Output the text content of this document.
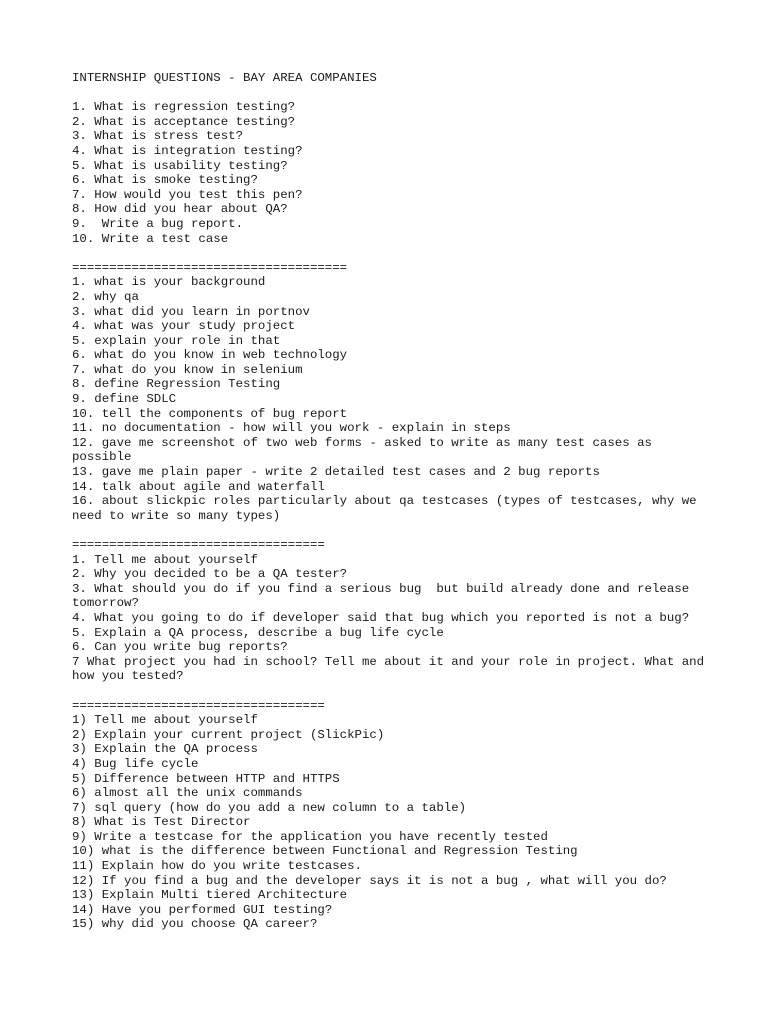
INTERNSHIP QUESTIONS - BAY AREA COMPANIES
1. What is regression testing?
2. What is acceptance testing?
3. What is stress test?
4. What is integration testing?
5. What is usability testing?
6. What is smoke testing?
7. How would you test this pen?
8. How did you hear about QA?
9.  Write a bug report.
10. Write a test case
=====================================
1. what is your background
2. why qa
3. what did you learn in portnov
4. what was your study project
5. explain your role in that
6. what do you know in web technology
7. what do you know in selenium
8. define Regression Testing
9. define SDLC
10. tell the components of bug report
11. no documentation - how will you work - explain in steps
12. gave me screenshot of two web forms - asked to write as many test cases as possible
13. gave me plain paper - write 2 detailed test cases and 2 bug reports
14. talk about agile and waterfall
16. about slickpic roles particularly about qa testcases (types of testcases, why we need to write so many types)
==================================
1. Tell me about yourself
2. Why you decided to be a QA tester?
3. What should you do if you find a serious bug  but build already done and release tomorrow?
4. What you going to do if developer said that bug which you reported is not a bug?
5. Explain a QA process, describe a bug life cycle
6. Can you write bug reports?
7 What project you had in school? Tell me about it and your role in project. What and how you tested?
==================================
1) Tell me about yourself
2) Explain your current project (SlickPic)
3) Explain the QA process
4) Bug life cycle
5) Difference between HTTP and HTTPS
6) almost all the unix commands
7) sql query (how do you add a new column to a table)
8) What is Test Director
9) Write a testcase for the application you have recently tested
10) what is the difference between Functional and Regression Testing
11) Explain how do you write testcases.
12) If you find a bug and the developer says it is not a bug , what will you do?
13) Explain Multi tiered Architecture
14) Have you performed GUI testing?
15) why did you choose QA career?
